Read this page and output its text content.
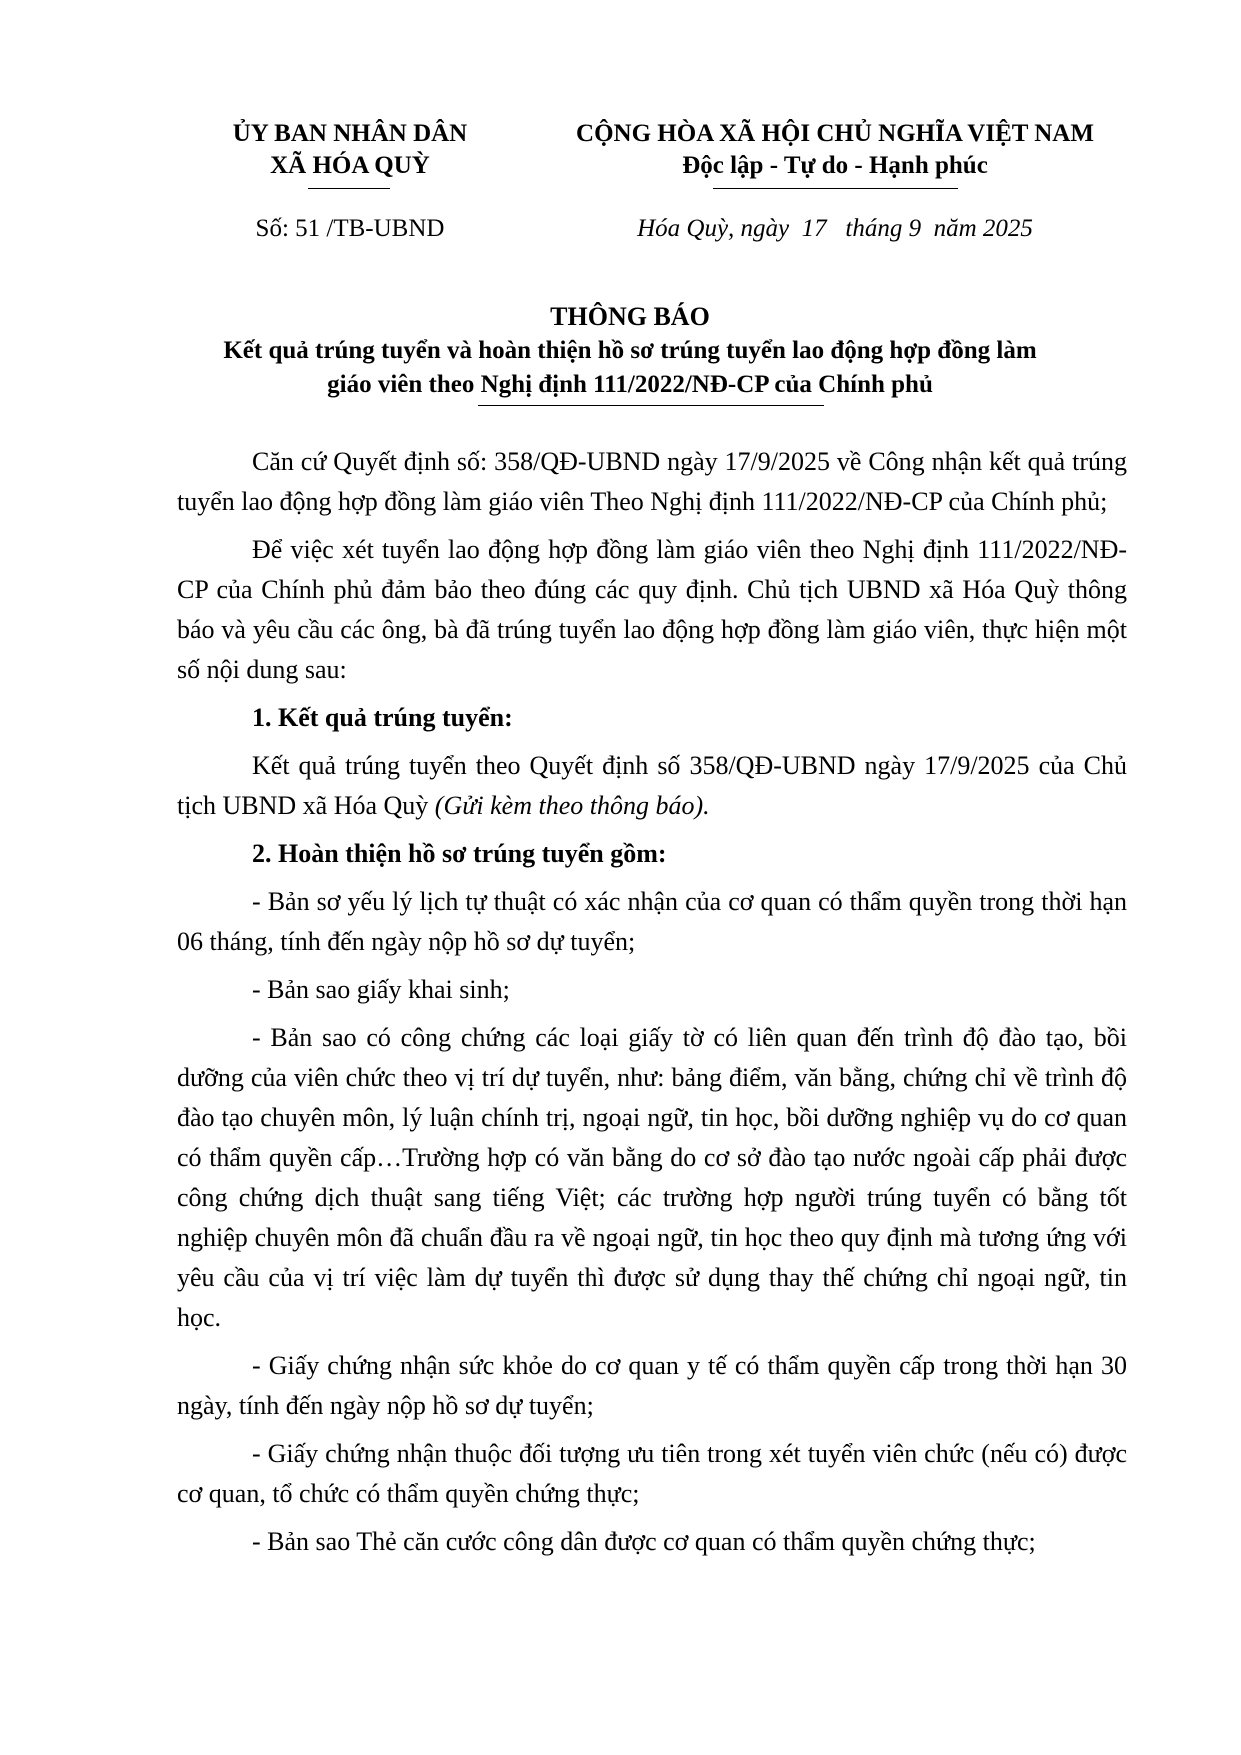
ỦY BAN NHÂN DÂN
XÃ HÓA QUỲ
CỘNG HÒA XÃ HỘI CHỦ NGHĨA VIỆT NAM
Độc lập - Tự do - Hạnh phúc
Số: 51 /TB-UBND	Hóa Quỳ, ngày  17   tháng 9  năm 2025
THÔNG BÁO
Kết quả trúng tuyển và hoàn thiện hồ sơ trúng tuyển lao động hợp đồng làm
giáo viên theo Nghị định 111/2022/NĐ-CP của Chính phủ

Căn cứ Quyết định số: 358/QĐ-UBND ngày 17/9/2025 về Công nhận kết quả trúng tuyển lao động hợp đồng làm giáo viên Theo Nghị định 111/2022/NĐ-CP của Chính phủ;

Để việc xét tuyển lao động hợp đồng làm giáo viên theo Nghị định 111/2022/NĐ-CP của Chính phủ đảm bảo theo đúng các quy định. Chủ tịch UBND xã Hóa Quỳ thông báo và yêu cầu các ông, bà đã trúng tuyển lao động hợp đồng làm giáo viên, thực hiện một số nội dung sau:

1. Kết quả trúng tuyển:

Kết quả trúng tuyển theo Quyết định số 358/QĐ-UBND ngày 17/9/2025 của Chủ tịch UBND xã Hóa Quỳ (Gửi kèm theo thông báo).

2. Hoàn thiện hồ sơ trúng tuyển gồm:

- Bản sơ yếu lý lịch tự thuật có xác nhận của cơ quan có thẩm quyền trong thời hạn 06 tháng, tính đến ngày nộp hồ sơ dự tuyển;

- Bản sao giấy khai sinh;

- Bản sao có công chứng các loại giấy tờ có liên quan đến trình độ đào tạo, bồi dưỡng của viên chức theo vị trí dự tuyển, như: bảng điểm, văn bằng, chứng chỉ về trình độ đào tạo chuyên môn, lý luận chính trị, ngoại ngữ, tin học, bồi dưỡng nghiệp vụ do cơ quan có thẩm quyền cấp…Trường hợp có văn bằng do cơ sở đào tạo nước ngoài cấp phải được công chứng dịch thuật sang tiếng Việt; các trường hợp người trúng tuyển có bằng tốt nghiệp chuyên môn đã chuẩn đầu ra về ngoại ngữ, tin học theo quy định mà tương ứng với yêu cầu của vị trí việc làm dự tuyển thì được sử dụng thay thế chứng chỉ ngoại ngữ, tin học.

- Giấy chứng nhận sức khỏe do cơ quan y tế có thẩm quyền cấp trong thời hạn 30 ngày, tính đến ngày nộp hồ sơ dự tuyển;

- Giấy chứng nhận thuộc đối tượng ưu tiên trong xét tuyển viên chức (nếu có) được cơ quan, tổ chức có thẩm quyền chứng thực;

- Bản sao Thẻ căn cước công dân được cơ quan có thẩm quyền chứng thực;
